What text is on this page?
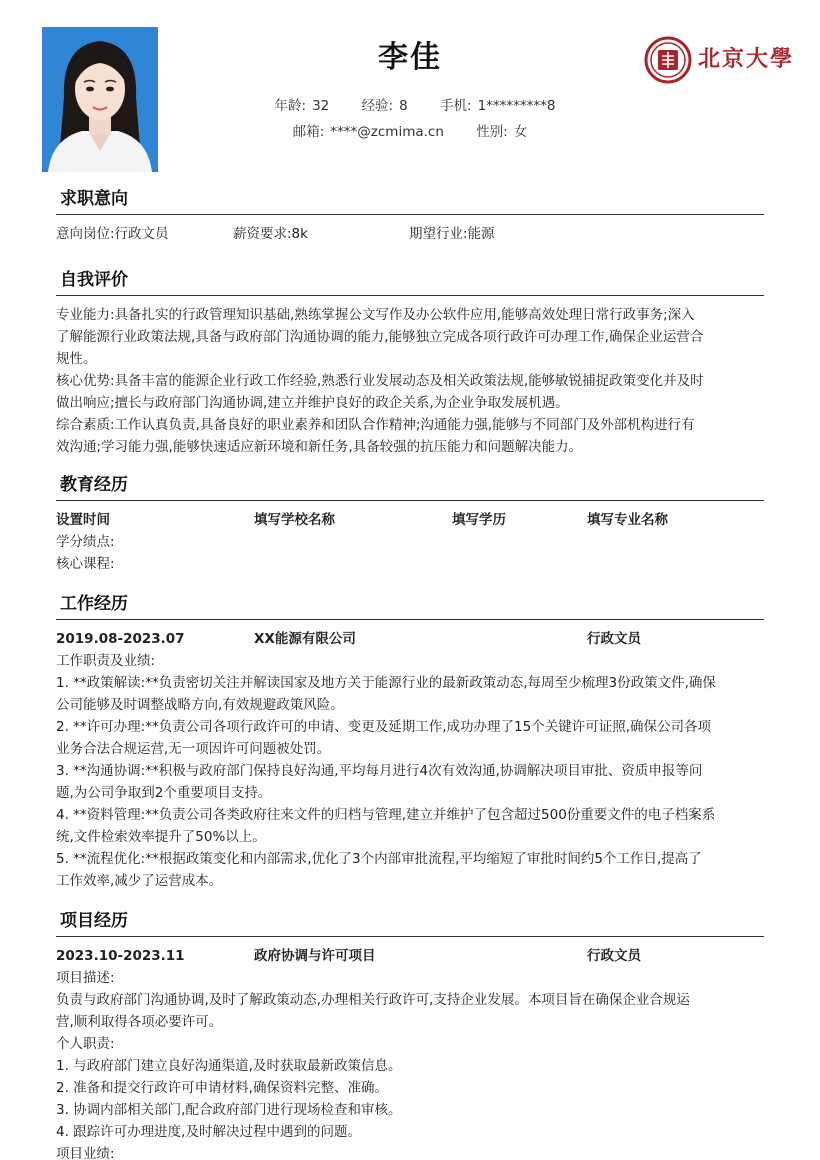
李佳
年龄: 32 经验: 8 手机: 1*********8
邮箱: ****@zcmima.cn 性别: 女
北京大學
求职意向
意向岗位:行政文员	薪资要求:8k	期望行业:能源
自我评价
专业能力:具备扎实的行政管理知识基础,熟练掌握公文写作及办公软件应用,能够高效处理日常行政事务;深入
了解能源行业政策法规,具备与政府部门沟通协调的能力,能够独立完成各项行政许可办理工作,确保企业运营合
规性。
核心优势:具备丰富的能源企业行政工作经验,熟悉行业发展动态及相关政策法规,能够敏锐捕捉政策变化并及时
做出响应;擅长与政府部门沟通协调,建立并维护良好的政企关系,为企业争取发展机遇。
综合素质:工作认真负责,具备良好的职业素养和团队合作精神;沟通能力强,能够与不同部门及外部机构进行有
效沟通;学习能力强,能够快速适应新环境和新任务,具备较强的抗压能力和问题解决能力。
教育经历
设置时间	填写学校名称	填写学历	填写专业名称
学分绩点:
核心课程:
工作经历
2019.08-2023.07	XX能源有限公司	行政文员
工作职责及业绩:
1. **政策解读:**负责密切关注并解读国家及地方关于能源行业的最新政策动态,每周至少梳理3份政策文件,确保
公司能够及时调整战略方向,有效规避政策风险。
2. **许可办理:**负责公司各项行政许可的申请、变更及延期工作,成功办理了15个关键许可证照,确保公司各项
业务合法合规运营,无一项因许可问题被处罚。
3. **沟通协调:**积极与政府部门保持良好沟通,平均每月进行4次有效沟通,协调解决项目审批、资质申报等问
题,为公司争取到2个重要项目支持。
4. **资料管理:**负责公司各类政府往来文件的归档与管理,建立并维护了包含超过500份重要文件的电子档案系
统,文件检索效率提升了50%以上。
5. **流程优化:**根据政策变化和内部需求,优化了3个内部审批流程,平均缩短了审批时间约5个工作日,提高了
工作效率,减少了运营成本。
项目经历
2023.10-2023.11	政府协调与许可项目	行政文员
项目描述:
负责与政府部门沟通协调,及时了解政策动态,办理相关行政许可,支持企业发展。本项目旨在确保企业合规运
营,顺利取得各项必要许可。
个人职责:
1. 与政府部门建立良好沟通渠道,及时获取最新政策信息。
2. 准备和提交行政许可申请材料,确保资料完整、准确。
3. 协调内部相关部门,配合政府部门进行现场检查和审核。
4. 跟踪许可办理进度,及时解决过程中遇到的问题。
项目业绩:
